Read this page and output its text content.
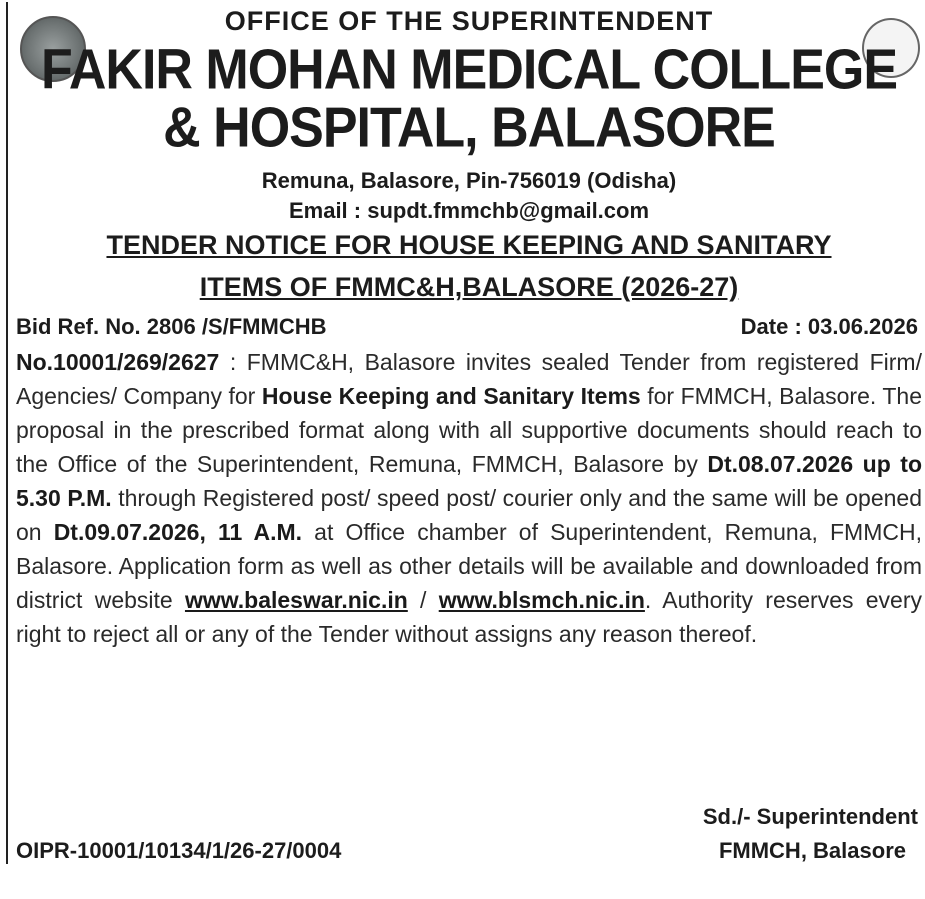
OFFICE OF THE SUPERINTENDENT
FAKIR MOHAN MEDICAL COLLEGE
& HOSPITAL, BALASORE
Remuna, Balasore, Pin-756019 (Odisha)
Email : supdt.fmmchb@gmail.com
TENDER NOTICE FOR HOUSE KEEPING AND SANITARY
ITEMS OF FMMC&H,BALASORE (2026-27)
Bid Ref. No. 2806 /S/FMMCHB	Date : 03.06.2026
No.10001/269/2627 : FMMC&H, Balasore invites sealed Tender from registered Firm/ Agencies/ Company for House Keeping and Sanitary Items for FMMCH, Balasore. The proposal in the prescribed format along with all supportive documents should reach to the Office of the Superintendent, Remuna, FMMCH, Balasore by Dt.08.07.2026 up to 5.30 P.M. through Registered post/ speed post/ courier only and the same will be opened on Dt.09.07.2026, 11 A.M. at Office chamber of Superintendent, Remuna, FMMCH, Balasore. Application form as well as other details will be available and downloaded from district website www.baleswar.nic.in / www.blsmch.nic.in. Authority reserves every right to reject all or any of the Tender without assigns any reason thereof.
Sd./- Superintendent
FMMCH, Balasore
OIPR-10001/10134/1/26-27/0004
